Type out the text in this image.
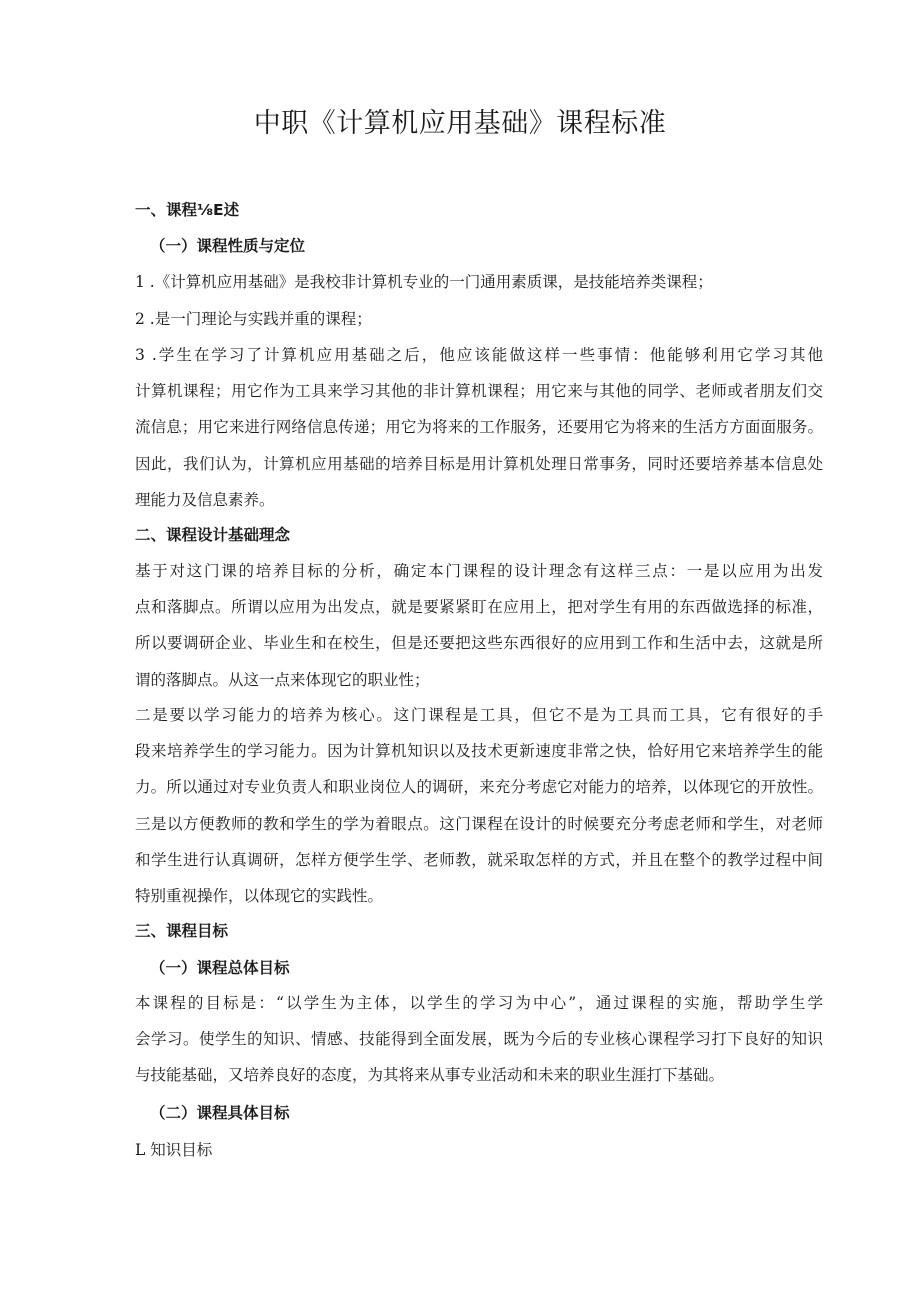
中职《计算机应用基础》课程标准
一、课程⅛E述
（一）课程性质与定位

1 .《计算机应用基础》是我校非计算机专业的一门通用素质课，是技能培养类课程；

2 .是一门理论与实践并重的课程；

3 .学生在学习了计算机应用基础之后，他应该能做这样一些事情：他能够利用它学习其他
计算机课程；用它作为工具来学习其他的非计算机课程；用它来与其他的同学、老师或者朋友们交
流信息；用它来进行网络信息传递；用它为将来的工作服务，还要用它为将来的生活方方面面服务。
因此，我们认为，计算机应用基础的培养目标是用计算机处理日常事务，同时还要培养基本信息处
理能力及信息素养。
二、课程设计基础理念
基于对这门课的培养目标的分析，确定本门课程的设计理念有这样三点：一是以应用为出发
点和落脚点。所谓以应用为出发点，就是要紧紧盯在应用上，把对学生有用的东西做选择的标准，
所以要调研企业、毕业生和在校生，但是还要把这些东西很好的应用到工作和生活中去，这就是所
谓的落脚点。从这一点来体现它的职业性；
二是要以学习能力的培养为核心。这门课程是工具，但它不是为工具而工具，它有很好的手
段来培养学生的学习能力。因为计算机知识以及技术更新速度非常之快，恰好用它来培养学生的能
力。所以通过对专业负责人和职业岗位人的调研，来充分考虑它对能力的培养，以体现它的开放性。
三是以方便教师的教和学生的学为着眼点。这门课程在设计的时候要充分考虑老师和学生，对老师
和学生进行认真调研，怎样方便学生学、老师教，就采取怎样的方式，并且在整个的教学过程中间
特别重视操作，以体现它的实践性。
三、课程目标
（一）课程总体目标
本课程的目标是：“以学生为主体，以学生的学习为中心”，通过课程的实施，帮助学生学
会学习。使学生的知识、情感、技能得到全面发展，既为今后的专业核心课程学习打下良好的知识
与技能基础，又培养良好的态度，为其将来从事专业活动和未来的职业生涯打下基础。
（二）课程具体目标

L 知识目标
